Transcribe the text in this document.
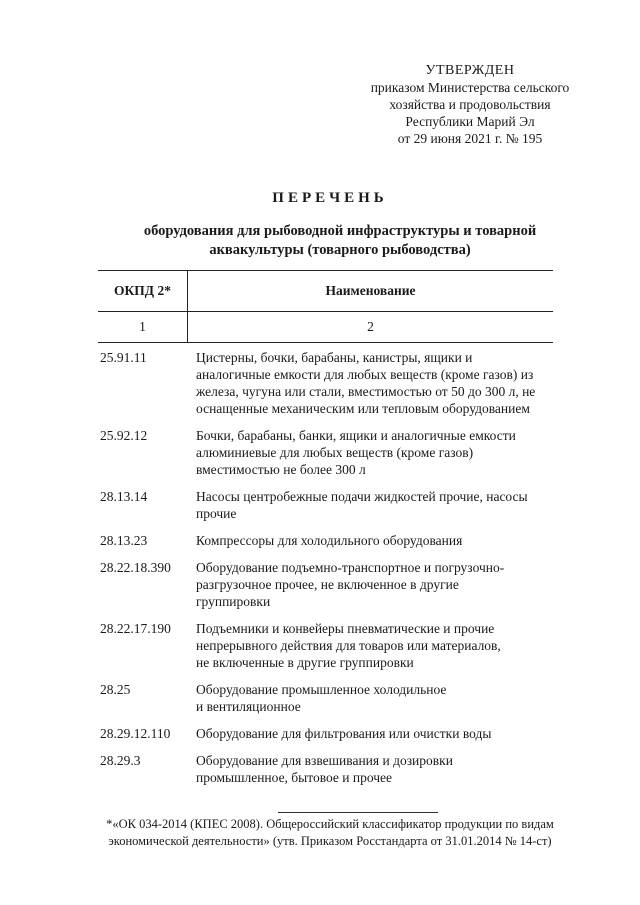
УТВЕРЖДЕН
приказом Министерства сельского
хозяйства и продовольствия
Республики Марий Эл
от 29 июня 2021 г. № 195
ПЕРЕЧЕНЬ
оборудования для рыбоводной инфраструктуры и товарной
аквакультуры (товарного рыбоводства)
ОКПД 2*	Наименование
1	2
25.91.11	Цистерны, бочки, барабаны, канистры, ящики и
аналогичные емкости для любых веществ (кроме газов) из
железа, чугуна или стали, вместимостью от 50 до 300 л, не
оснащенные механическим или тепловым оборудованием
25.92.12	Бочки, барабаны, банки, ящики и аналогичные емкости
алюминиевые для любых веществ (кроме газов)
вместимостью не более 300 л
28.13.14	Насосы центробежные подачи жидкостей прочие, насосы
прочие
28.13.23	Компрессоры для холодильного оборудования
28.22.18.390	Оборудование подъемно-транспортное и погрузочно-
разгрузочное прочее, не включенное в другие
группировки
28.22.17.190	Подъемники и конвейеры пневматические и прочие
непрерывного действия для товаров или материалов,
не включенные в другие группировки
28.25	Оборудование промышленное холодильное
и вентиляционное
28.29.12.110	Оборудование для фильтрования или очистки воды
28.29.3	Оборудование для взвешивания и дозировки
промышленное, бытовое и прочее
*«ОК 034-2014 (КПЕС 2008). Общероссийский классификатор продукции по видам
экономической деятельности» (утв. Приказом Росстандарта от 31.01.2014 № 14-ст)
